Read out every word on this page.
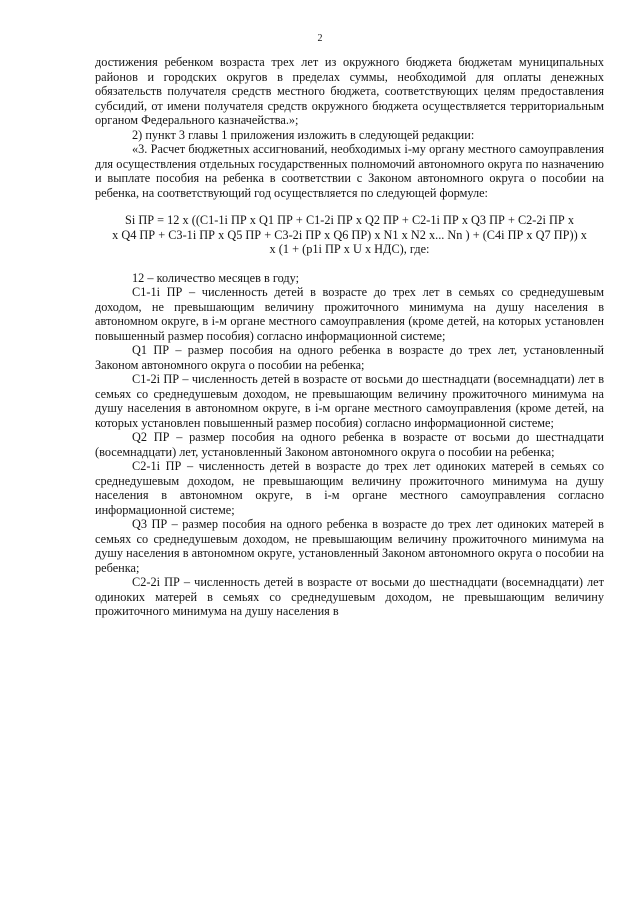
2

достижения ребенком возраста трех лет из окружного бюджета бюджетам муниципальных районов и городских округов в пределах суммы, необходимой для оплаты денежных обязательств получателя средств местного бюджета, соответствующих целям предоставления субсидий, от имени получателя средств окружного бюджета осуществляется территориальным органом Федерального казначейства.»;

2) пункт 3 главы 1 приложения изложить в следующей редакции:

«3. Расчет бюджетных ассигнований, необходимых i-му органу местного самоуправления для осуществления отдельных государственных полномочий автономного округа по назначению и выплате пособия на ребенка в соответствии с Законом автономного округа о пособии на ребенка, на соответствующий год осуществляется по следующей формуле:

Si ПР = 12 x ((С1-1i ПР x Q1 ПР + С1-2i ПР x Q2 ПР + С2-1i ПР x Q3 ПР + С2-2i ПР x
x Q4 ПР + С3-1i ПР x Q5 ПР + С3-2i ПР x Q6 ПР) x N1 x N2 x... Nn ) + (С4i ПР x Q7 ПР)) x
x (1 + (p1i ПР x U x НДС), где:

12 – количество месяцев в году;

С1-1i ПР – численность детей в возрасте до трех лет в семьях со среднедушевым доходом, не превышающим величину прожиточного минимума на душу населения в автономном округе, в i-м органе местного самоуправления (кроме детей, на которых установлен повышенный размер пособия) согласно информационной системе;

Q1 ПР – размер пособия на одного ребенка в возрасте до трех лет, установленный Законом автономного округа о пособии на ребенка;

С1-2i ПР – численность детей в возрасте от восьми до шестнадцати (восемнадцати) лет в семьях со среднедушевым доходом, не превышающим величину прожиточного минимума на душу населения в автономном округе, в i-м органе местного самоуправления (кроме детей, на которых установлен повышенный размер пособия) согласно информационной системе;

Q2 ПР – размер пособия на одного ребенка в возрасте от восьми до шестнадцати (восемнадцати) лет, установленный Законом автономного округа о пособии на ребенка;

С2-1i ПР – численность детей в возрасте до трех лет одиноких матерей в семьях со среднедушевым доходом, не превышающим величину прожиточного минимума на душу населения в автономном округе, в i-м органе местного самоуправления согласно информационной системе;

Q3 ПР – размер пособия на одного ребенка в возрасте до трех лет одиноких матерей в семьях со среднедушевым доходом, не превышающим величину прожиточного минимума на душу населения в автономном округе, установленный Законом автономного округа о пособии на ребенка;

С2-2i ПР – численность детей в возрасте от восьми до шестнадцати (восемнадцати) лет одиноких матерей в семьях со среднедушевым доходом, не превышающим величину прожиточного минимума на душу населения в
